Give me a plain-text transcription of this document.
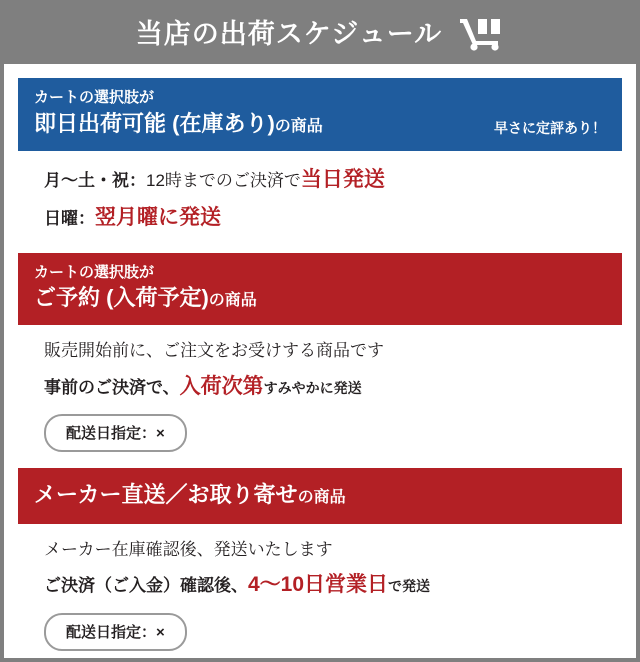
当店の出荷スケジュール
カートの選択肢が
即日出荷可能 (在庫あり)の商品	早さに定評あり！
月～土・祝：12時までのご決済で当日発送
日曜：翌月曜に発送
カートの選択肢が
ご予約 (入荷予定)の商品
販売開始前に、ご注文をお受けする商品です
事前のご決済で、入荷次第すみやかに発送
配送日指定：×
メーカー直送／お取り寄せの商品
メーカー在庫確認後、発送いたします
ご決済（ご入金）確認後、4～10日営業日で発送
配送日指定：×
